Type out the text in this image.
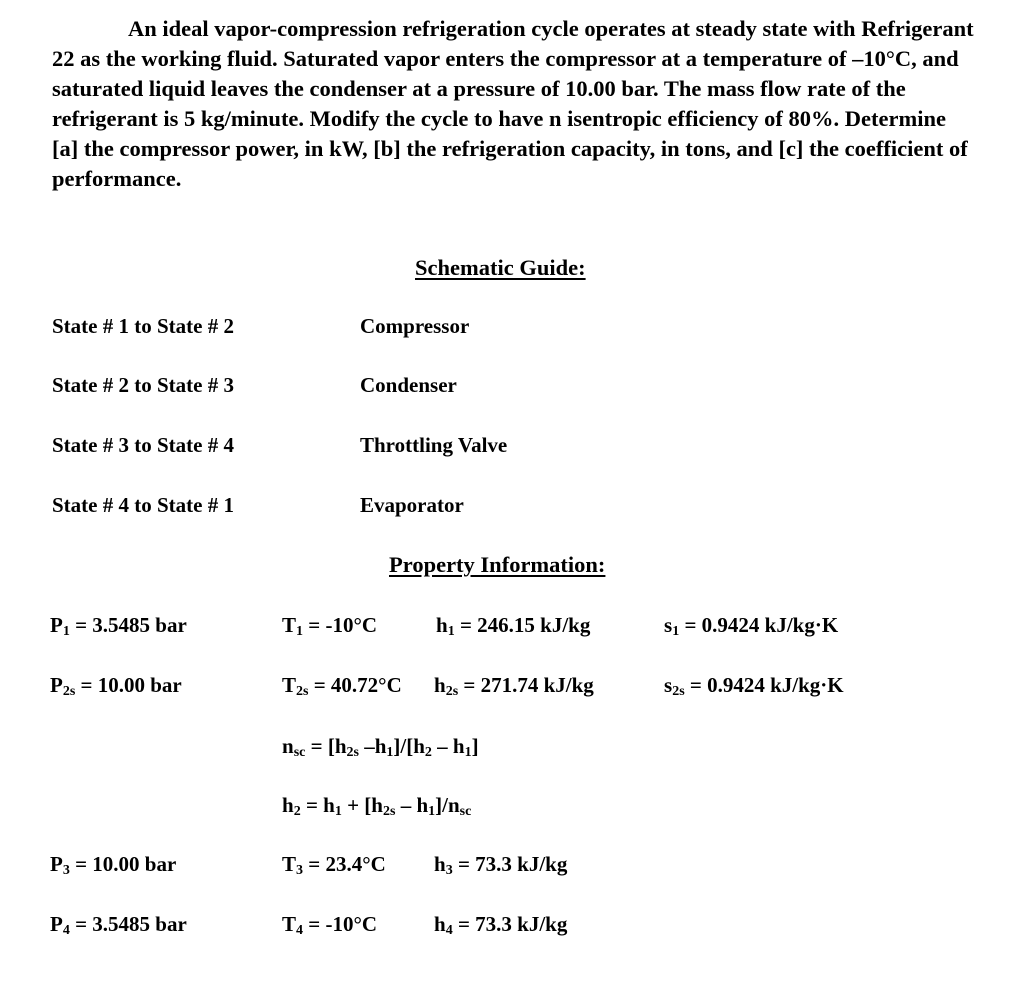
An ideal vapor-compression refrigeration cycle operates at steady state with Refrigerant 22 as the working fluid. Saturated vapor enters the compressor at a temperature of –10°C, and saturated liquid leaves the condenser at a pressure of 10.00 bar. The mass flow rate of the refrigerant is 5 kg/minute. Modify the cycle to have n isentropic efficiency of 80%. Determine [a] the compressor power, in kW, [b] the refrigeration capacity, in tons, and [c] the coefficient of performance.

Schematic Guide:
State # 1 to State # 2	Compressor
State # 2 to State # 3	Condenser
State # 3 to State # 4	Throttling Valve
State # 4 to State # 1	Evaporator
Property Information:
$P_1 = 3.5485$ bar	$T_1 = -10^\circ C$	$h_1 = 246.15$ kJ/kg	$s_1 = 0.9424$ kJ/kg·K
$P_{2s} = 10.00$ bar	$T_{2s} = 40.72^\circ C$ $h_{2s} = 271.74$ kJ/kg	$s_{2s} = 0.9424$ kJ/kg·K
$n_{sc} = [h_{2s}$ $-h_1]/[h_2 - h_1]$
$h_2 = h_1 + [h_{2s} - h_1]/n_{sc}$
$P_3 = 10.00$ bar	$T_3 = 23.4^\circ C$ $h_3 = 73.3$ kJ/kg
$P_4 = 3.5485$ bar	$T_4 = -10^\circ C$	$h_4 = 73.3$ kJ/kg
